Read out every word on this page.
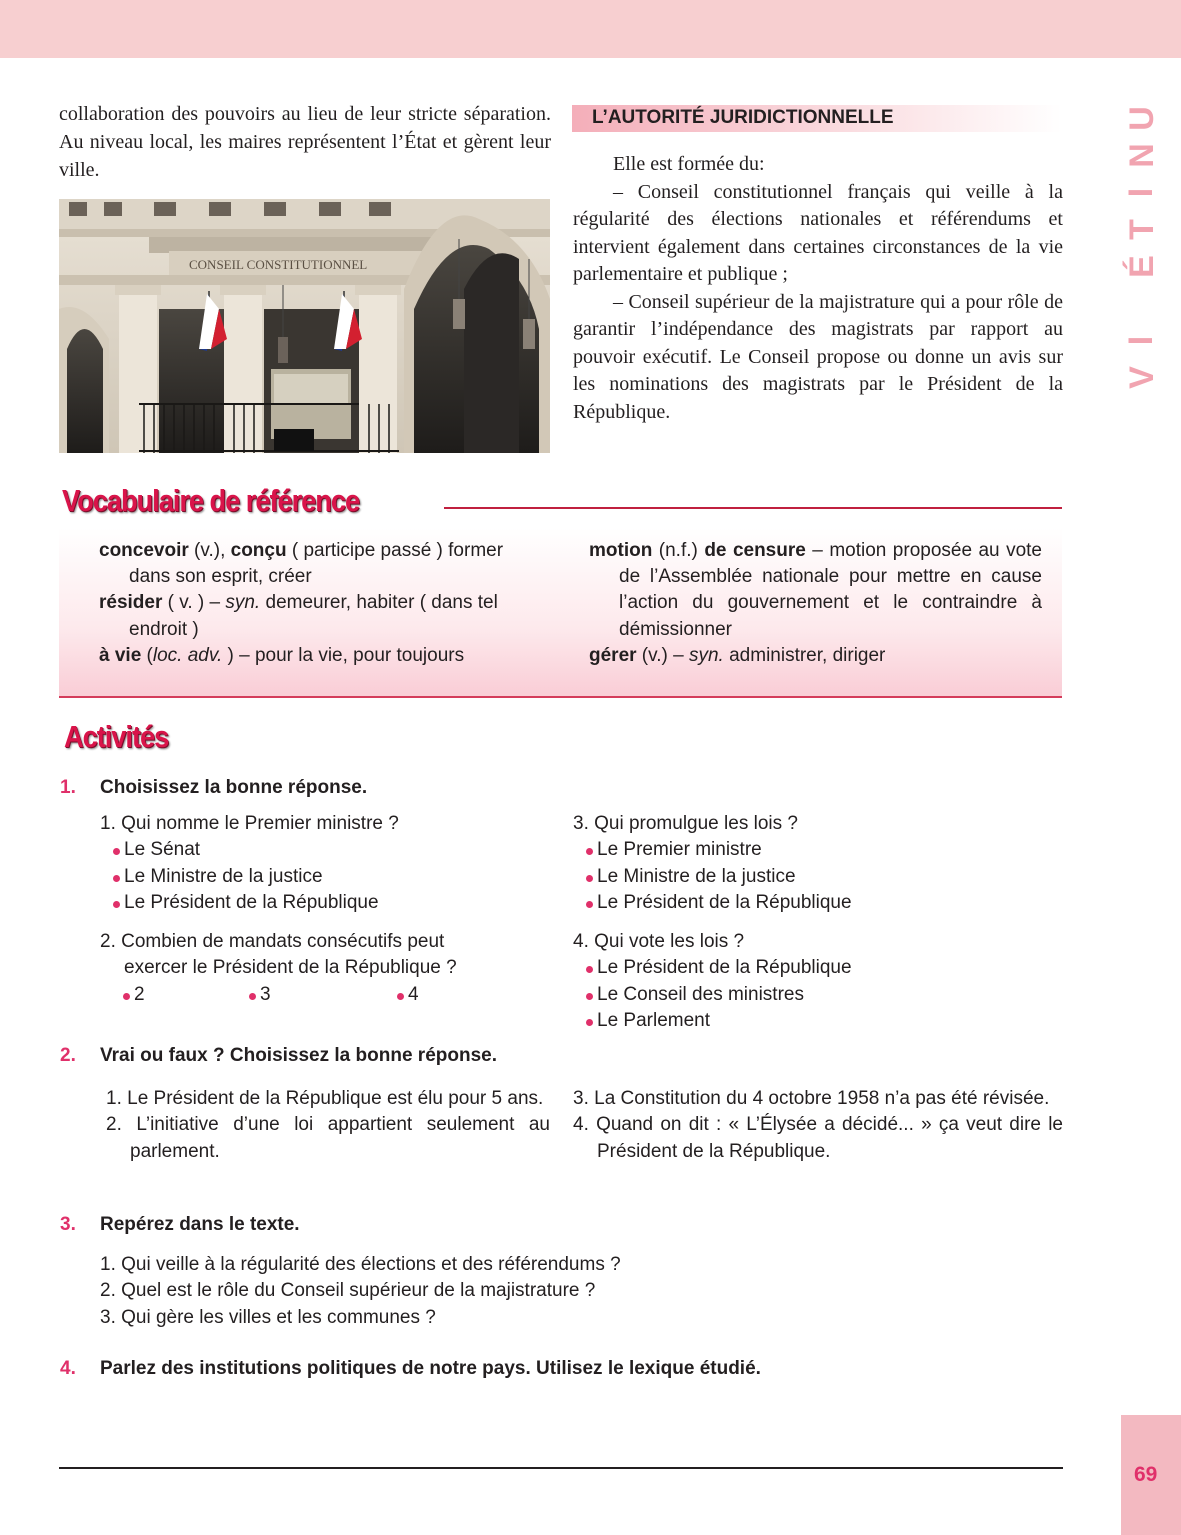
U
N
I
T
É
I
V
collaboration des pouvoirs au lieu de leur stricte séparation. Au niveau local, les maires représentent l’État et gèrent leur ville.
CONSEIL CONSTITUTIONNEL
L’AUTORITÉ JURIDICTIONNELLE

Elle est formée du:

– Conseil constitutionnel français qui veille à la régularité des élections nationales et référendums et intervient également dans certaines circonstances de la vie parlementaire et publique ;

– Conseil supérieur de la majistrature qui a pour rôle de garantir l’indépendance des magistrats par rapport au pouvoir exécutif. Le Conseil propose ou donne un avis sur les nominations des magistrats par le Président de la République.

Vocabulaire de référence

concevoir (v.), conçu ( participe passé ) former dans son esprit, créer

résider ( v. ) – syn. demeurer, habiter ( dans tel endroit )

à vie (loc. adv. ) – pour la vie, pour toujours

motion (n.f.) de censure – motion proposée au vote de l’Assemblée nationale pour mettre en cause l’action du gouvernement et le contraindre à démissionner

gérer (v.) – syn. administrer, diriger

Activités
1. Choisissez la bonne réponse.
1. Qui nomme le Premier ministre ?
Le Sénat
Le Ministre de la justice
Le Président de la République
2. Combien de mandats consécutifs peut
exercer le Président de la République ?
2	3	4
3. Qui promulgue les lois ?
Le Premier ministre
Le Ministre de la justice
Le Président de la République
4. Qui vote les lois ?
Le Président de la République
Le Conseil des ministres
Le Parlement
2. Vrai ou faux ? Choisissez la bonne réponse.
1. Le Président de la République est élu pour 5 ans.
2. L’initiative d’une loi appartient seulement au parlement.
3. La Constitution du 4 octobre 1958 n’a pas été révisée.
4. Quand on dit : « L’Élysée a décidé... » ça veut dire le Président de la République.
3. Repérez dans le texte.
1. Qui veille à la régularité des élections et des référendums ?
2. Quel est le rôle du Conseil supérieur de la majistrature ?
3. Qui gère les villes et les communes ?
4. Parlez des institutions politiques de notre pays. Utilisez le lexique étudié.
69
